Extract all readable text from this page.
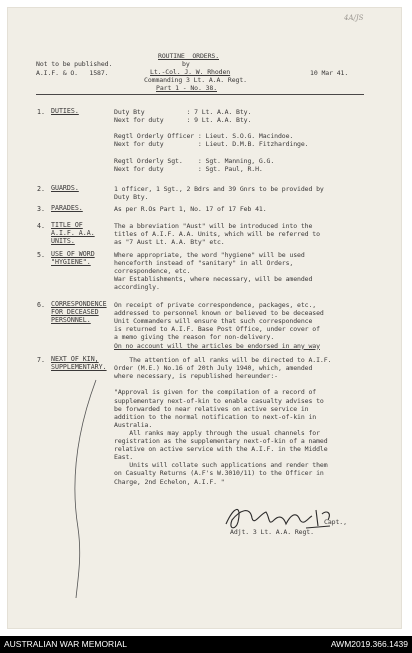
4A/JS
Not to be published.
A.I.F. & O.   1587.
ROUTINE  ORDERS.
by
Lt.-Col. J. W. Rhoden
Commanding 3 Lt. A.A. Regt.
Part 1 - No. 38.
10 Mar 41.
1. DUTIES.	Duty Bty           : 7 Lt. A.A. Bty.
Next for duty      : 9 Lt. A.A. Bty.
Regtl Orderly Officer : Lieut. S.O.G. Macindoe.
Next for duty         : Lieut. D.M.B. Fitzhardinge.
Regtl Orderly Sgt.    : Sgt. Manning, G.G.
Next for duty         : Sgt. Paul, R.H.
2. GUARDS.	1 officer, 1 Sgt., 2 Bdrs and 39 Gnrs to be provided by
Duty Bty.
3. PARADES.	As per R.Os Part 1, No. 17 of 17 Feb 41.
4. TITLE OF
A.I.F. A.A.
UNITS.
The a bbreviation "Aust" will be introduced into the
titles of A.I.F. A.A. Units, which will be referred to
as "7 Aust Lt. A.A. Bty" etc.
5. USE OF WORD
"HYGIENE".
Where appropriate, the word "hygiene" will be used
henceforth instead of "sanitary" in all Orders,
correspondence, etc.
War Establishments, where necessary, will be amended
accordingly.
6. CORRESPONDENCE
FOR DECEASED
PERSONNEL.
On receipt of private correspondence, packages, etc.,
addressed to personnel known or believed to be deceased
Unit Commanders will ensure that such correspondence
is returned to A.I.F. Base Post Office, under cover of
a memo giving the reason for non-delivery.
On no account will the articles be endorsed in any way
7. NEXT OF KIN,
SUPPLEMENTARY.
The attention of all ranks will be directed to A.I.F.
Order (M.E.) No.16 of 20th July 1940, which, amended
where necessary, is republished hereunder:-
"Approval is given for the compilation of a record of
supplementary next-of-kin to enable casualty advises to
be forwarded to near relatives on active service in
addition to the normal notification to next-of-kin in
Australia.
All ranks may apply through the usual channels for
registration as the supplementary next-of-kin of a named
relative on active service with the A.I.F. in the Middle
East.
Units will collate such applications and render them
on Casualty Returns (A.F's W.3010/11) to the Officer in
Charge, 2nd Echelon, A.I.F. "
Capt.,
Adjt. 3 Lt. A.A. Regt.
AUSTRALIAN WAR MEMORIAL	AWM2019.366.1439
